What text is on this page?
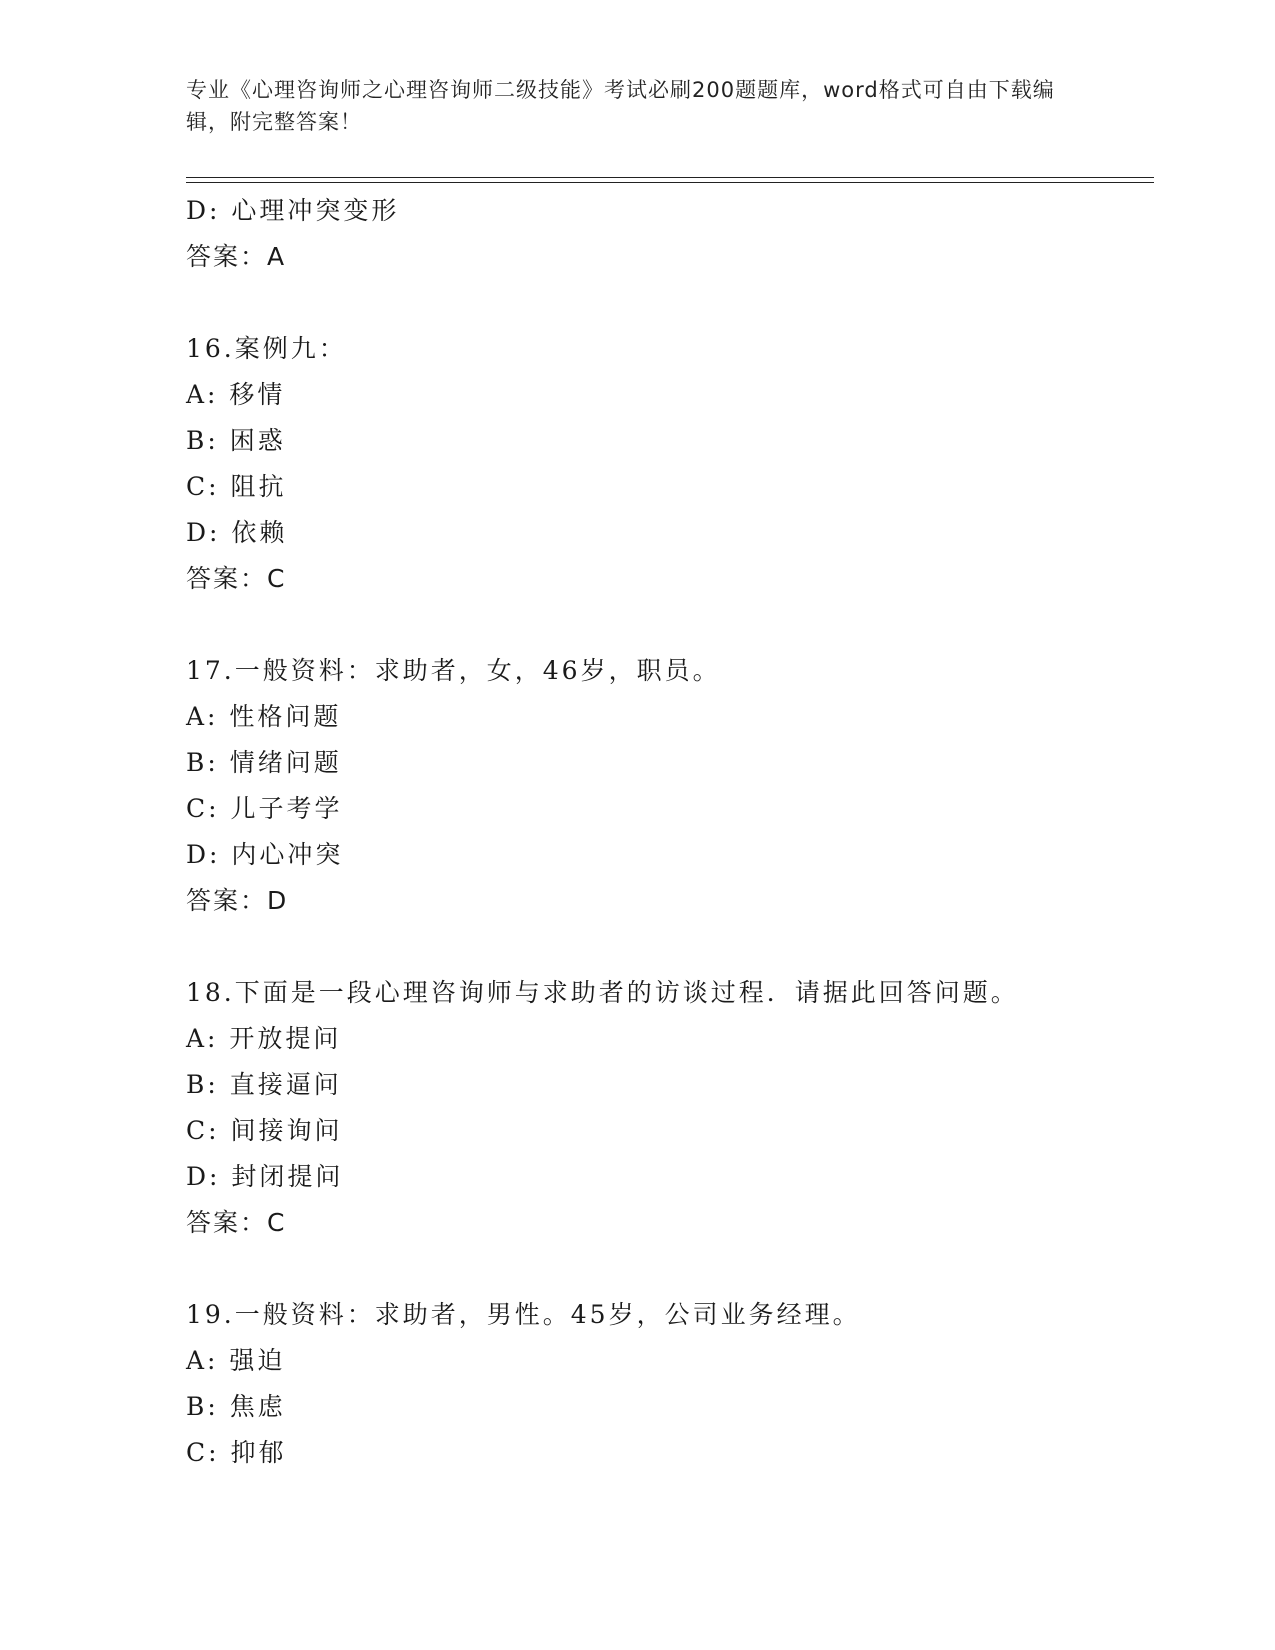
专业《心理咨询师之心理咨询师二级技能》考试必刷200题题库，word格式可自由下载编辑，附完整答案！
D: 心理冲突变形
答案：A
16.案例九：
A: 移情
B: 困惑
C: 阻抗
D: 依赖
答案：C
17.一般资料：求助者，女，46岁，职员。
A: 性格问题
B: 情绪问题
C: 儿子考学
D: 内心冲突
答案：D
18.下面是一段心理咨询师与求助者的访谈过程．请据此回答问题。
A: 开放提问
B: 直接逼问
C: 间接询问
D: 封闭提问
答案：C
19.一般资料：求助者，男性。45岁，公司业务经理。
A: 强迫
B: 焦虑
C: 抑郁
